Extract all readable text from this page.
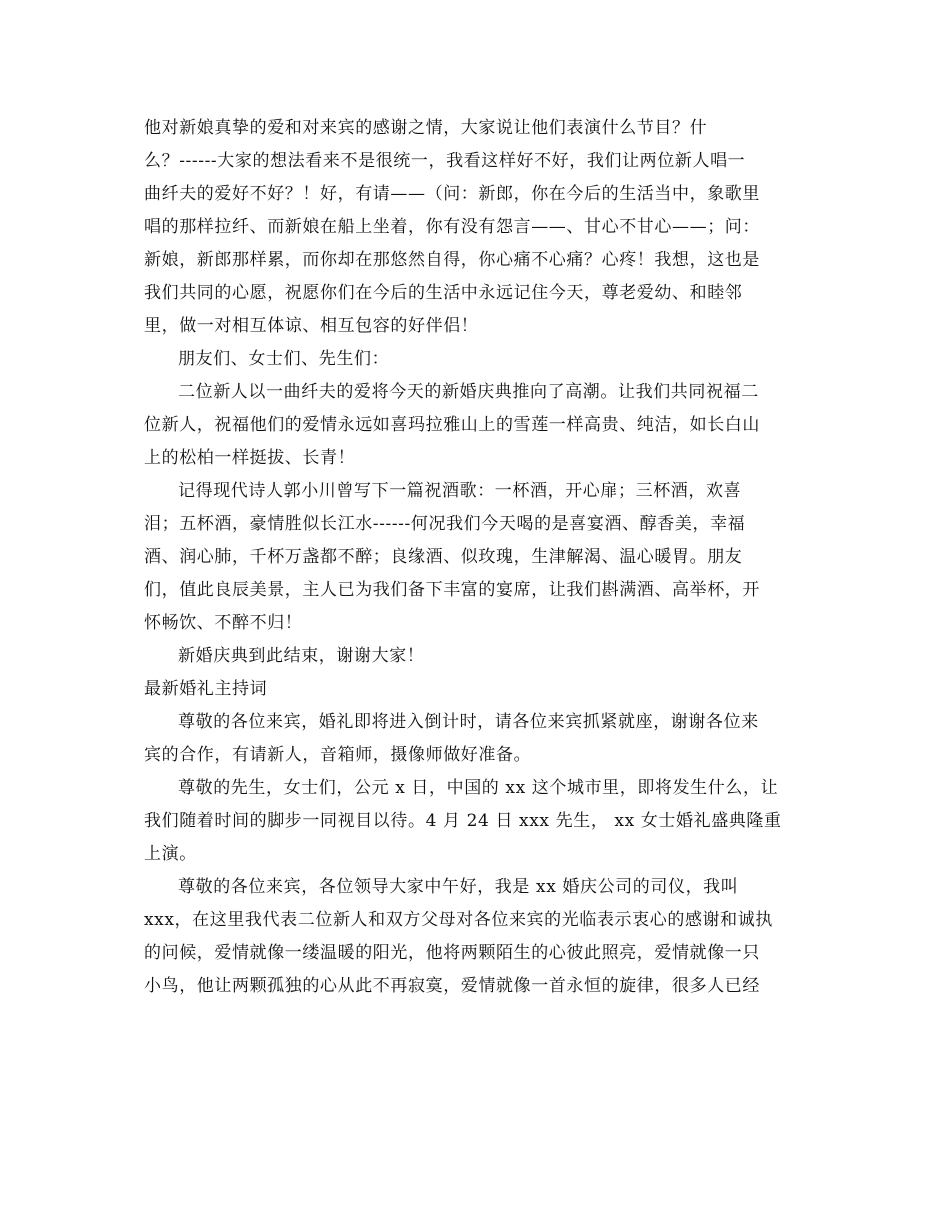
他对新娘真挚的爱和对来宾的感谢之情，大家说让他们表演什么节目？什
么？------大家的想法看来不是很统一，我看这样好不好，我们让两位新人唱一
曲纤夫的爱好不好？！好，有请——（问：新郎，你在今后的生活当中，象歌里
唱的那样拉纤、而新娘在船上坐着，你有没有怨言——、甘心不甘心——；问：
新娘，新郎那样累，而你却在那悠然自得，你心痛不心痛？心疼！我想，这也是
我们共同的心愿，祝愿你们在今后的生活中永远记住今天，尊老爱幼、和睦邻
里，做一对相互体谅、相互包容的好伴侣！
朋友们、女士们、先生们：
二位新人以一曲纤夫的爱将今天的新婚庆典推向了高潮。让我们共同祝福二
位新人，祝福他们的爱情永远如喜玛拉雅山上的雪莲一样高贵、纯洁，如长白山
上的松柏一样挺拔、长青！
记得现代诗人郭小川曾写下一篇祝酒歌：一杯酒，开心扉；三杯酒，欢喜
泪；五杯酒，豪情胜似长江水------何况我们今天喝的是喜宴酒、醇香美，幸福
酒、润心肺，千杯万盏都不醉；良缘酒、似玫瑰，生津解渴、温心暖胃。朋友
们，值此良辰美景，主人已为我们备下丰富的宴席，让我们斟满酒、高举杯，开
怀畅饮、不醉不归！
新婚庆典到此结束，谢谢大家！
最新婚礼主持词
尊敬的各位来宾，婚礼即将进入倒计时，请各位来宾抓紧就座，谢谢各位来
宾的合作，有请新人，音箱师，摄像师做好准备。
尊敬的先生，女士们，公元 x 日，中国的 xx 这个城市里，即将发生什么，让
我们随着时间的脚步一同视目以待。4 月 24 日 xxx 先生， xx 女士婚礼盛典隆重
上演。
尊敬的各位来宾，各位领导大家中午好，我是 xx 婚庆公司的司仪，我叫
xxx，在这里我代表二位新人和双方父母对各位来宾的光临表示衷心的感谢和诚执
的问候，爱情就像一缕温暖的阳光，他将两颗陌生的心彼此照亮，爱情就像一只
小鸟，他让两颗孤独的心从此不再寂寞，爱情就像一首永恒的旋律，很多人已经
